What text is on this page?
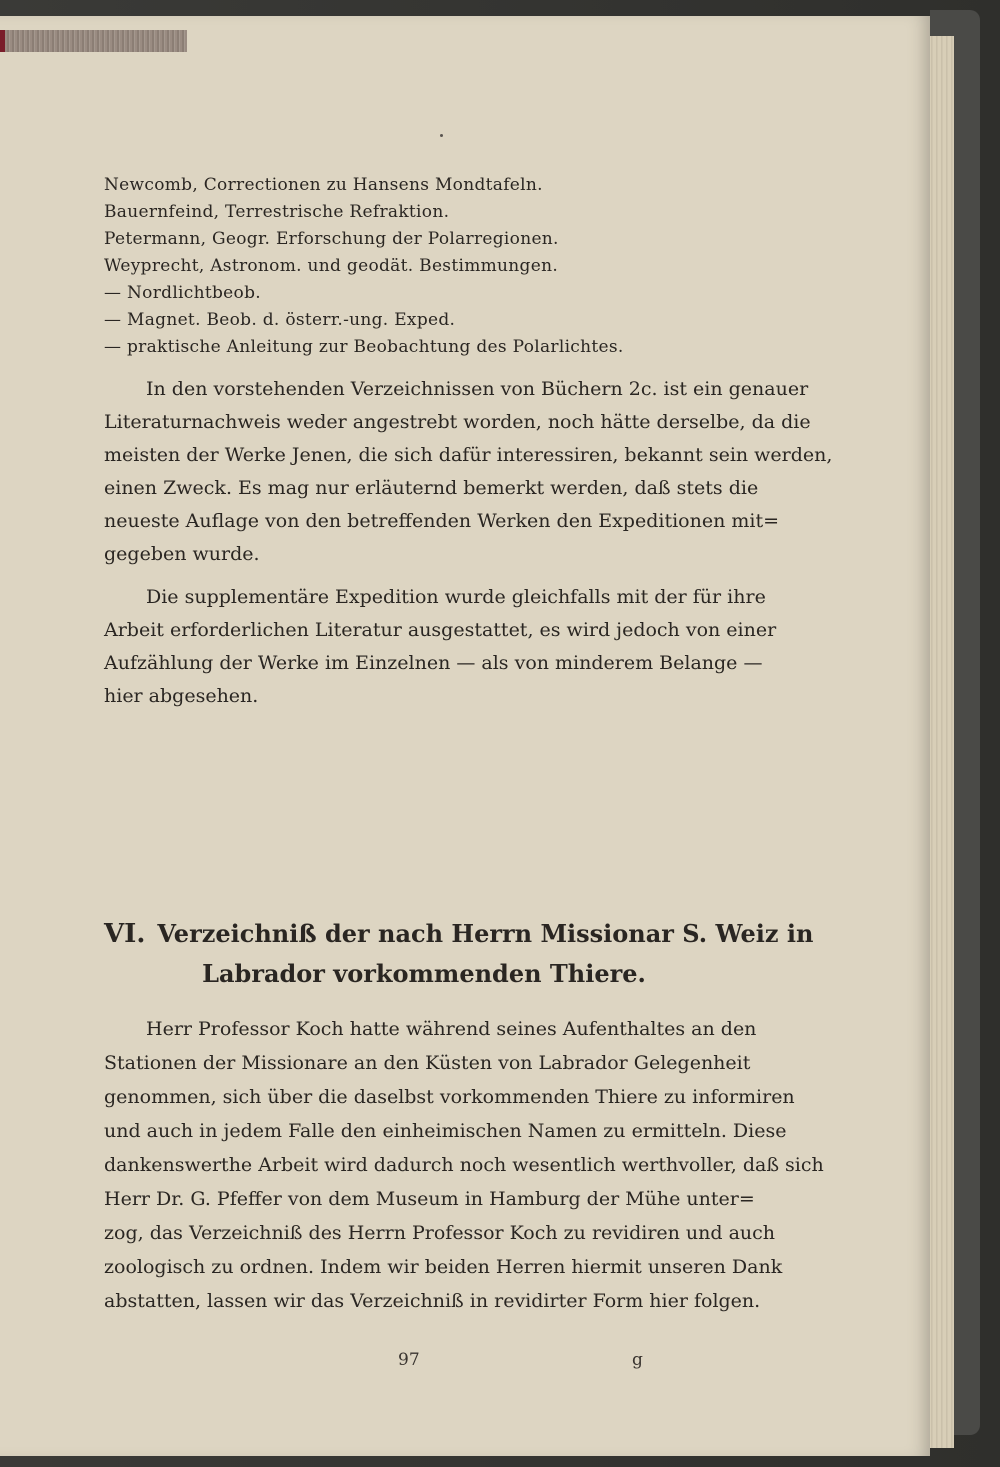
Newcomb, Correctionen zu Hansens Mondtafeln.
Bauernfeind, Terrestrische Refraktion.
Petermann, Geogr. Erforschung der Polarregionen.
Weyprecht, Astronom. und geodät. Bestimmungen.
— Nordlichtbeob.
— Magnet. Beob. d. österr.-ung. Exped.
— praktische Anleitung zur Beobachtung des Polarlichtes.
In den vorstehenden Verzeichnissen von Büchern 2c. ist ein genauer
Literaturnachweis weder angestrebt worden, noch hätte derselbe, da die
meisten der Werke Jenen, die sich dafür interessiren, bekannt sein werden,
einen Zweck. Es mag nur erläuternd bemerkt werden, daß stets die
neueste Auflage von den betreffenden Werken den Expeditionen mit=
gegeben wurde.
Die supplementäre Expedition wurde gleichfalls mit der für ihre
Arbeit erforderlichen Literatur ausgestattet, es wird jedoch von einer
Aufzählung der Werke im Einzelnen — als von minderem Belange —
hier abgesehen.
VI. Verzeichniß der nach Herrn Missionar S. Weiz in
Labrador vorkommenden Thiere.
Herr Professor Koch hatte während seines Aufenthaltes an den
Stationen der Missionare an den Küsten von Labrador Gelegenheit
genommen, sich über die daselbst vorkommenden Thiere zu informiren
und auch in jedem Falle den einheimischen Namen zu ermitteln. Diese
dankenswerthe Arbeit wird dadurch noch wesentlich werthvoller, daß sich
Herr Dr. G. Pfeffer von dem Museum in Hamburg der Mühe unter=
zog, das Verzeichniß des Herrn Professor Koch zu revidiren und auch
zoologisch zu ordnen. Indem wir beiden Herren hiermit unseren Dank
abstatten, lassen wir das Verzeichniß in revidirter Form hier folgen.
97	g
